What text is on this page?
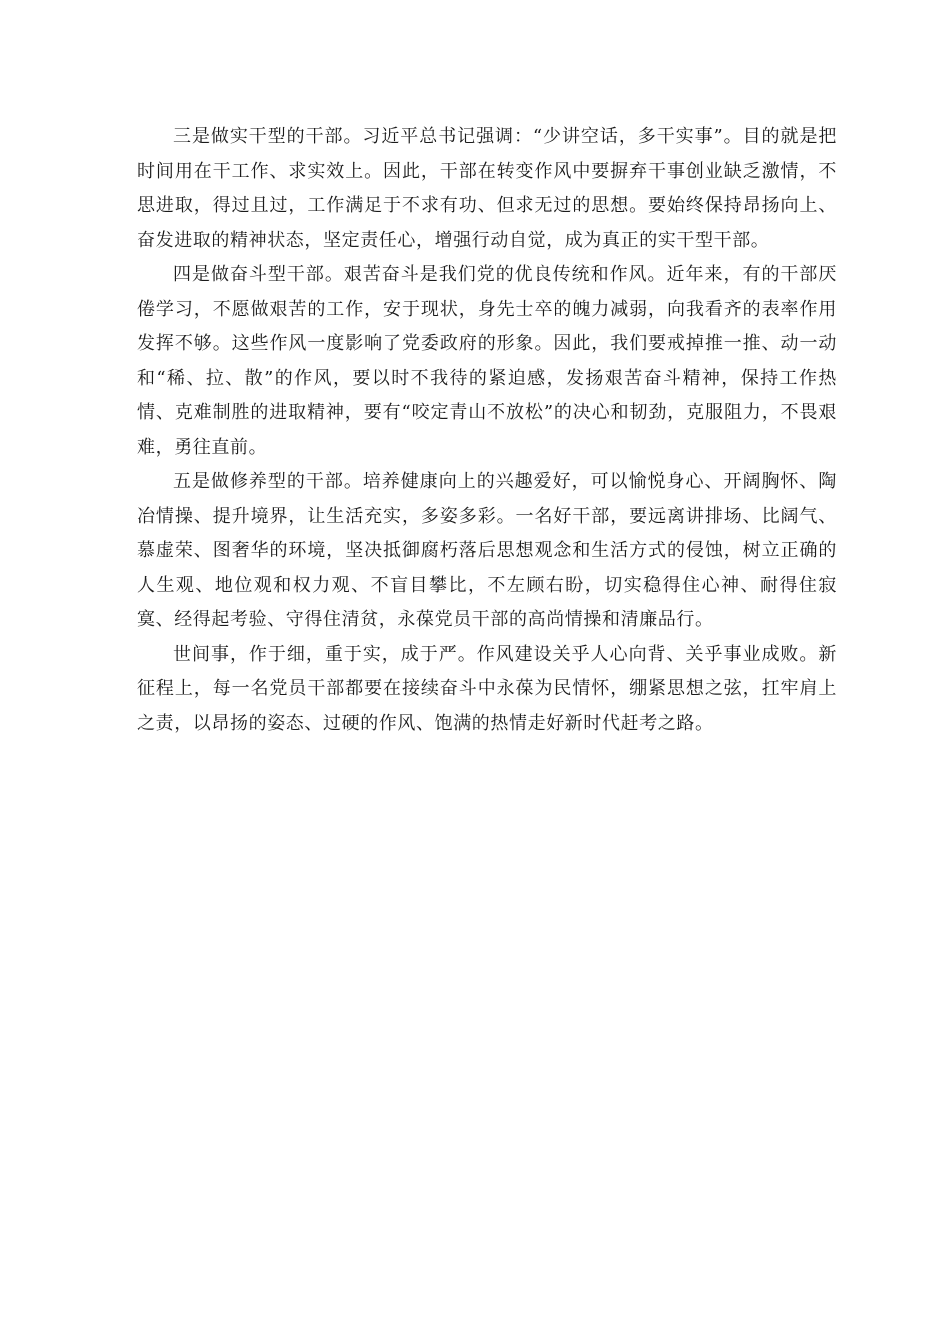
三是做实干型的干部。习近平总书记强调：“少讲空话，多干实事”。目的就是把时间用在干工作、求实效上。因此，干部在转变作风中要摒弃干事创业缺乏激情，不思进取，得过且过，工作满足于不求有功、但求无过的思想。要始终保持昂扬向上、奋发进取的精神状态，坚定责任心，增强行动自觉，成为真正的实干型干部。

四是做奋斗型干部。艰苦奋斗是我们党的优良传统和作风。近年来，有的干部厌倦学习，不愿做艰苦的工作，安于现状，身先士卒的魄力减弱，向我看齐的表率作用发挥不够。这些作风一度影响了党委政府的形象。因此，我们要戒掉推一推、动一动和“稀、拉、散”的作风，要以时不我待的紧迫感，发扬艰苦奋斗精神，保持工作热情、克难制胜的进取精神，要有“咬定青山不放松”的决心和韧劲，克服阻力，不畏艰难，勇往直前。

五是做修养型的干部。培养健康向上的兴趣爱好，可以愉悦身心、开阔胸怀、陶冶情操、提升境界，让生活充实，多姿多彩。一名好干部，要远离讲排场、比阔气、慕虚荣、图奢华的环境，坚决抵御腐朽落后思想观念和生活方式的侵蚀，树立正确的人生观、地位观和权力观、不盲目攀比，不左顾右盼，切实稳得住心神、耐得住寂寞、经得起考验、守得住清贫，永葆党员干部的高尚情操和清廉品行。

世间事，作于细，重于实，成于严。作风建设关乎人心向背、关乎事业成败。新征程上，每一名党员干部都要在接续奋斗中永葆为民情怀，绷紧思想之弦，扛牢肩上之责，以昂扬的姿态、过硬的作风、饱满的热情走好新时代赶考之路。
